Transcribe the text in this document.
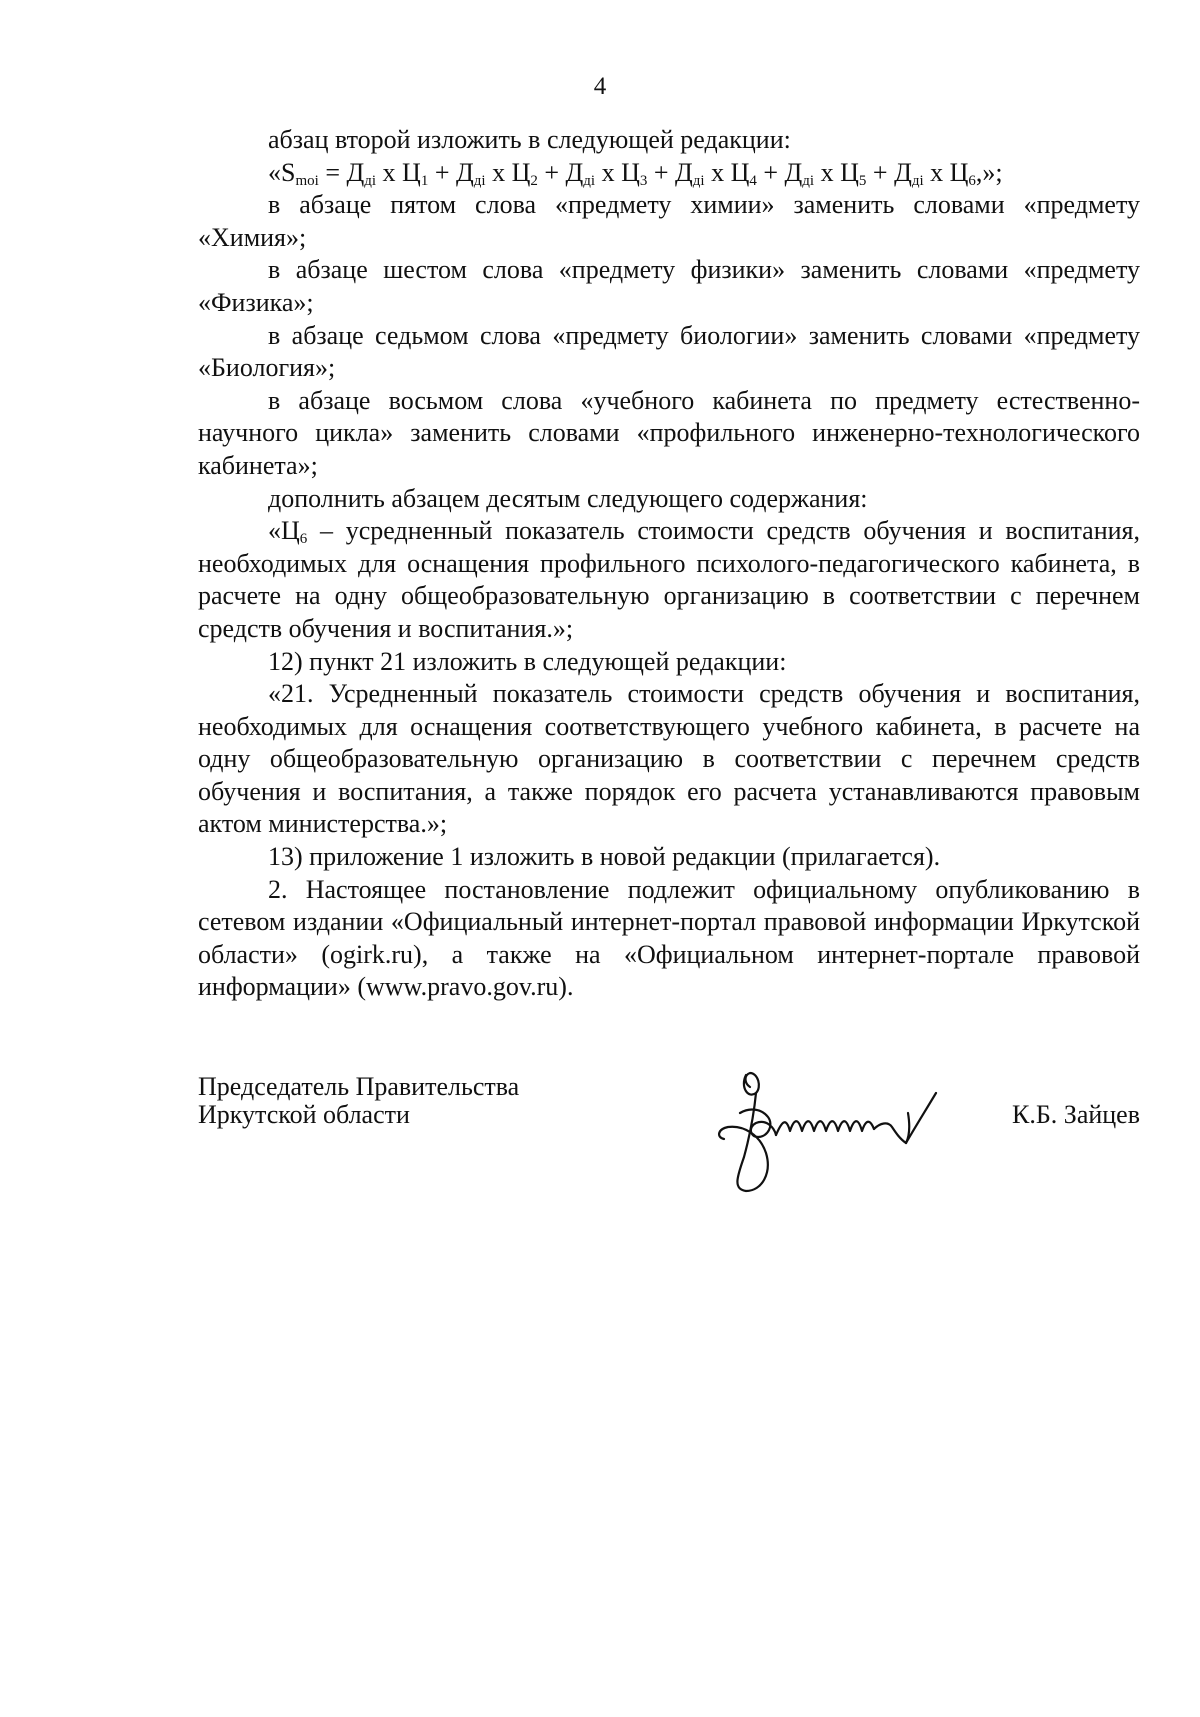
4

абзац второй изложить в следующей редакции:

«$S_{moi} = Д_{дi}$ х $Ц_1 + Д_{дi}$ х $Ц_2 + Д_{дi}$ х $Ц_3 + Д_{дi}$ х $Ц_4 + Д_{дi}$ х $Ц_5 + Д_{дi}$ х $Ц_6$,»;

в абзаце пятом слова «предмету химии» заменить словами «предмету «Химия»;

в абзаце шестом слова «предмету физики» заменить словами «предмету «Физика»;

в абзаце седьмом слова «предмету биологии» заменить словами «предмету «Биология»;

в абзаце восьмом слова «учебного кабинета по предмету естественно-научного цикла» заменить словами «профильного инженерно-технологического кабинета»;

дополнить абзацем десятым следующего содержания:

«$Ц_6$ – усредненный показатель стоимости средств обучения и воспитания, необходимых для оснащения профильного психолого-педагогического кабинета, в расчете на одну общеобразовательную организацию в соответствии с перечнем средств обучения и воспитания.»;

12) пункт 21 изложить в следующей редакции:

«21. Усредненный показатель стоимости средств обучения и воспитания, необходимых для оснащения соответствующего учебного кабинета, в расчете на одну общеобразовательную организацию в соответствии с перечнем средств обучения и воспитания, а также порядок его расчета устанавливаются правовым актом министерства.»;

13) приложение 1 изложить в новой редакции (прилагается).

2. Настоящее постановление подлежит официальному опубликованию в сетевом издании «Официальный интернет-портал правовой информации Иркутской области» (ogirk.ru), а также на «Официальном интернет-портале правовой информации» (www.pravo.gov.ru).

Председатель Правительства
Иркутской области	К.Б. Зайцев
